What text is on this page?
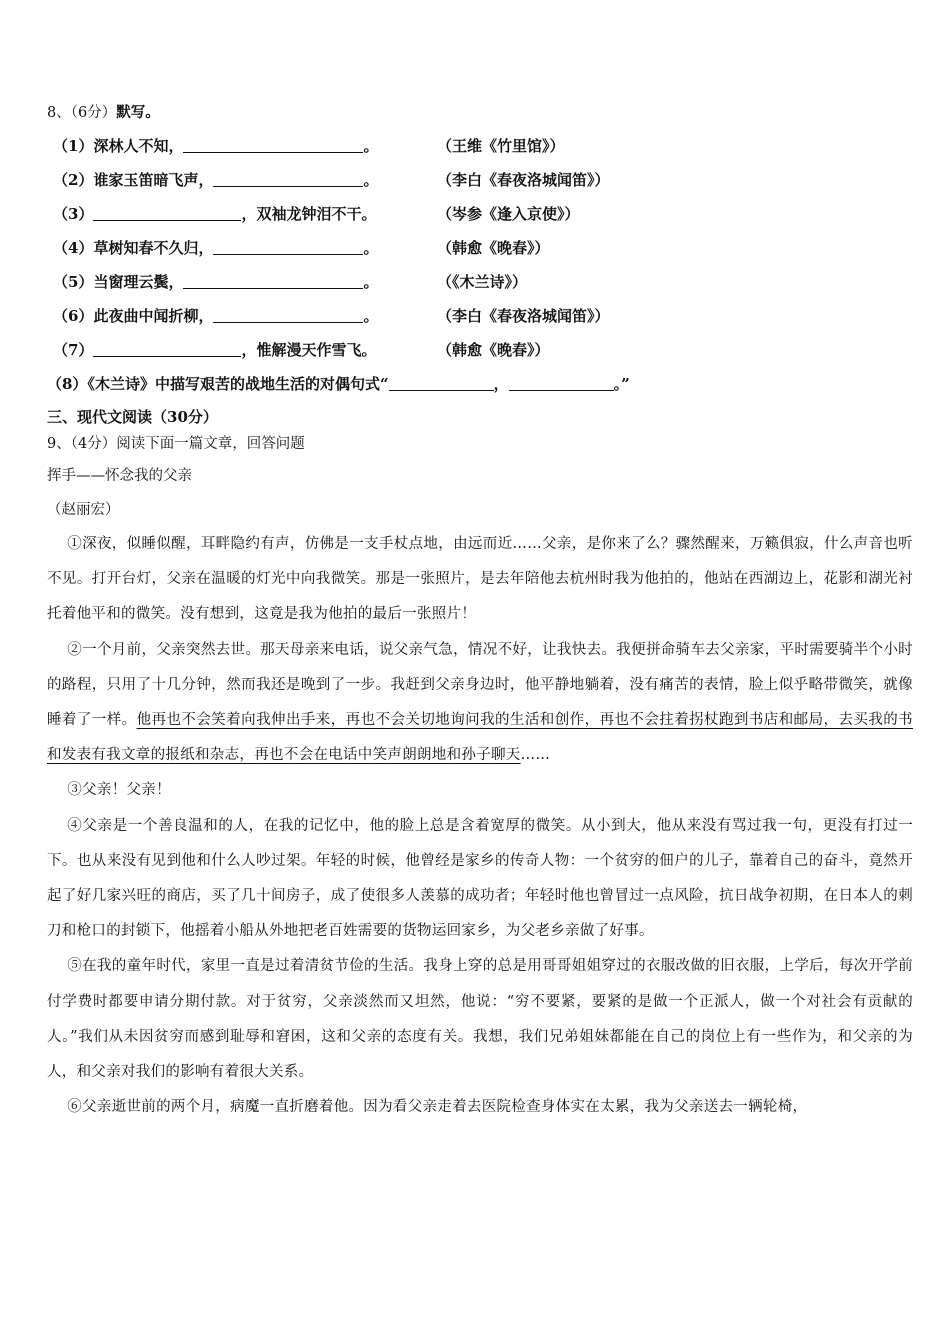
8、（6分）默写。
（1）深林人不知，	。	（王维《竹里馆》）
（2）谁家玉笛暗飞声，	。	（李白《春夜洛城闻笛》）
（3）	，双袖龙钟泪不干。	（岑参《逢入京使》）
（4）草树知春不久归，	。	（韩愈《晚春》）
（5）当窗理云鬓，	。	（《木兰诗》）
（6）此夜曲中闻折柳，	。	（李白《春夜洛城闻笛》）
（7）	，惟解漫天作雪飞。	（韩愈《晚春》）
（8）《木兰诗》中描写艰苦的战地生活的对偶句式“	，	。”
三、现代文阅读（30分）
9、（4分）阅读下面一篇文章，回答问题
挥手——怀念我的父亲
（赵丽宏）

①深夜，似睡似醒，耳畔隐约有声，仿佛是一支手杖点地，由远而近……父亲，是你来了么？骤然醒来，万籁俱寂，什么声音也听不见。打开台灯，父亲在温暖的灯光中向我微笑。那是一张照片，是去年陪他去杭州时我为他拍的，他站在西湖边上，花影和湖光衬托着他平和的微笑。没有想到，这竟是我为他拍的最后一张照片！

②一个月前，父亲突然去世。那天母亲来电话，说父亲气急，情况不好，让我快去。我便拼命骑车去父亲家，平时需要骑半个小时的路程，只用了十几分钟，然而我还是晚到了一步。我赶到父亲身边时，他平静地躺着，没有痛苦的表情，脸上似乎略带微笑，就像睡着了一样。他再也不会笑着向我伸出手来，再也不会关切地询问我的生活和创作，再也不会拄着拐杖跑到书店和邮局，去买我的书和发表有我文章的报纸和杂志，再也不会在电话中笑声朗朗地和孙子聊天……

③父亲！父亲！

④父亲是一个善良温和的人，在我的记忆中，他的脸上总是含着宽厚的微笑。从小到大，他从来没有骂过我一句，更没有打过一下。也从来没有见到他和什么人吵过架。年轻的时候，他曾经是家乡的传奇人物：一个贫穷的佃户的儿子，靠着自己的奋斗，竟然开起了好几家兴旺的商店，买了几十间房子，成了使很多人羡慕的成功者；年轻时他也曾冒过一点风险，抗日战争初期，在日本人的刺刀和枪口的封锁下，他摇着小船从外地把老百姓需要的货物运回家乡，为父老乡亲做了好事。

⑤在我的童年时代，家里一直是过着清贫节俭的生活。我身上穿的总是用哥哥姐姐穿过的衣服改做的旧衣服，上学后，每次开学前付学费时都要申请分期付款。对于贫穷，父亲淡然而又坦然，他说：“穷不要紧，要紧的是做一个正派人，做一个对社会有贡献的人。”我们从未因贫穷而感到耻辱和窘困，这和父亲的态度有关。我想，我们兄弟姐妹都能在自己的岗位上有一些作为，和父亲的为人，和父亲对我们的影响有着很大关系。

⑥父亲逝世前的两个月，病魔一直折磨着他。因为看父亲走着去医院检查身体实在太累，我为父亲送去一辆轮椅，
